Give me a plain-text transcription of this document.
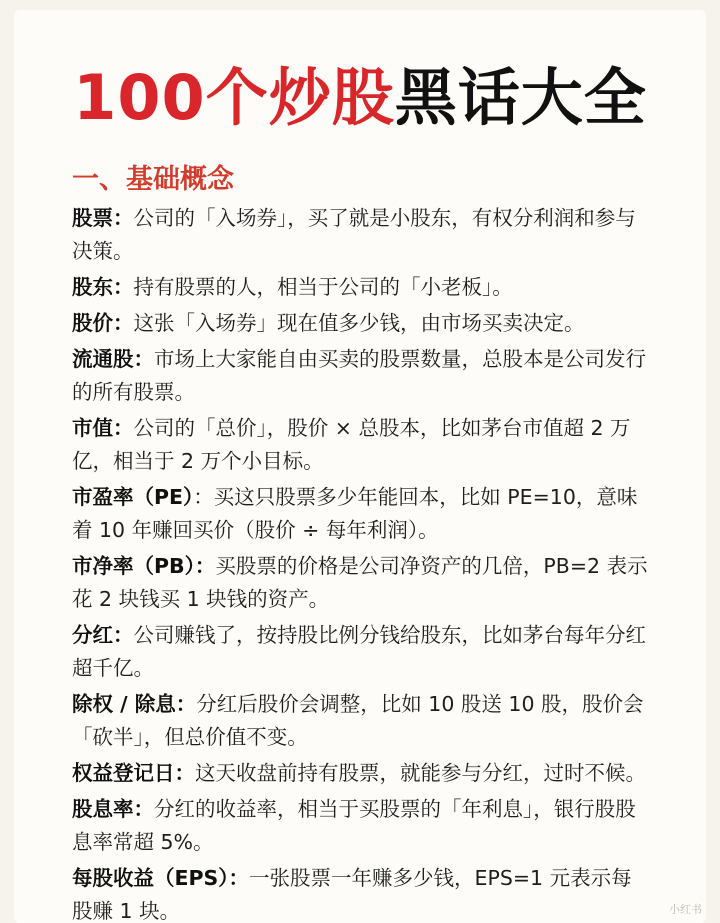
100个炒股黑话大全
一、基础概念
股票：公司的「入场券」，买了就是小股东，有权分利润和参与决策。
股东：持有股票的人，相当于公司的「小老板」。
股价：这张「入场券」现在值多少钱，由市场买卖决定。
流通股：市场上大家能自由买卖的股票数量，总股本是公司发行的所有股票。
市值：公司的「总价」，股价 × 总股本，比如茅台市值超 2 万亿，相当于 2 万个小目标。
市盈率（PE）：买这只股票多少年能回本，比如 PE=10，意味着 10 年赚回买价（股价 ÷ 每年利润）。
市净率（PB）：买股票的价格是公司净资产的几倍，PB=2 表示花 2 块钱买 1 块钱的资产。
分红：公司赚钱了，按持股比例分钱给股东，比如茅台每年分红超千亿。
除权 / 除息：分红后股价会调整，比如 10 股送 10 股，股价会「砍半」，但总价值不变。
权益登记日：这天收盘前持有股票，就能参与分红，过时不候。
股息率：分红的收益率，相当于买股票的「年利息」，银行股股息率常超 5%。
每股收益（EPS）：一张股票一年赚多少钱，EPS=1 元表示每股赚 1 块。	小红书
